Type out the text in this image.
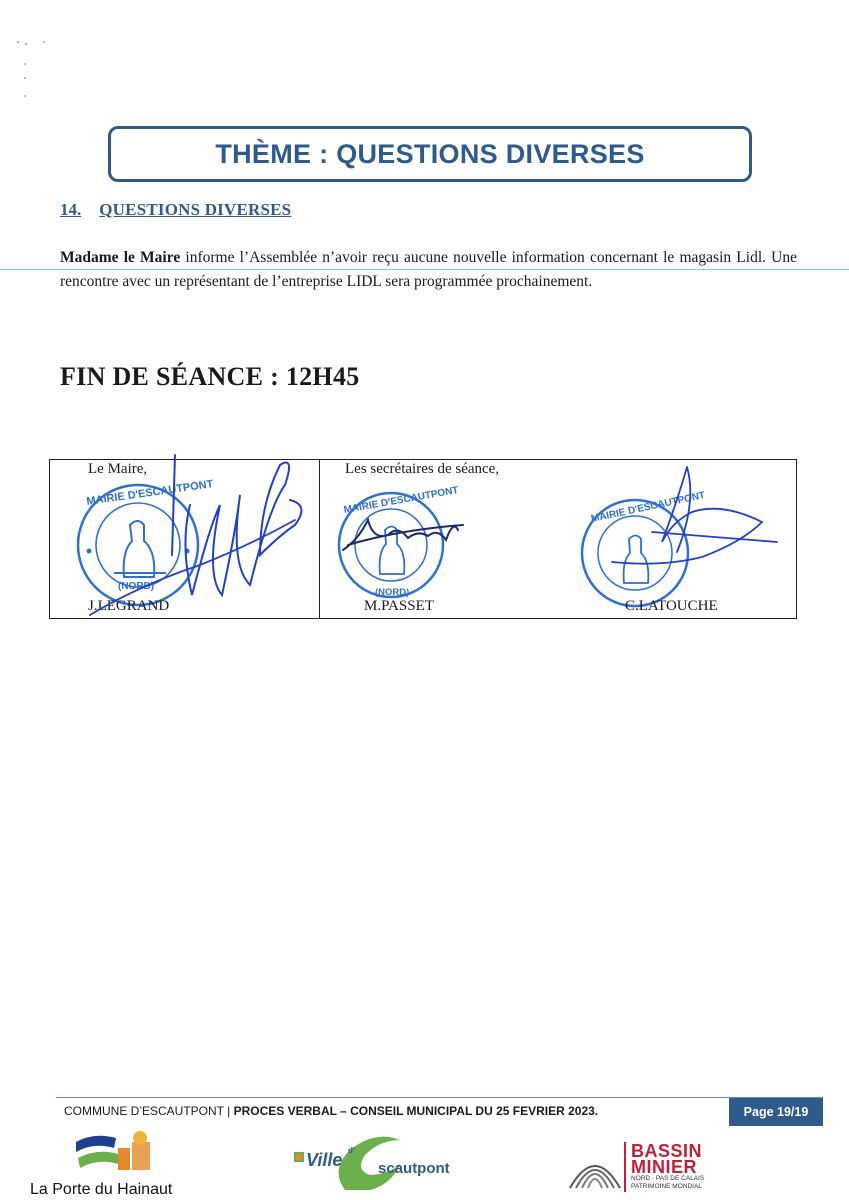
THÈME : QUESTIONS DIVERSES
14. QUESTIONS DIVERSES
Madame le Maire informe l’Assemblée n’avoir reçu aucune nouvelle information concernant le magasin Lidl. Une rencontre avec un représentant de l’entreprise LIDL sera programmée prochainement.
FIN DE SÉANCE : 12H45
Le Maire,	Les secrétaires de séance,
MAIRIE D'ESCAUTPONT
(NORD)
MAIRIE D'ESCAUTPONT
(NORD)
MAIRIE D'ESCAUTPONT
J.LEGRAND	M.PASSET	C.LATOUCHE
COMMUNE D’ESCAUTPONT | PROCES VERBAL – CONSEIL MUNICIPAL DU 25 FEVRIER 2023.	Page 19/19
La Porte du Hainaut
Ville d'
scautpont
BASSIN
MINIER
NORD · PAS DE CALAIS
PATRIMOINE MONDIAL
